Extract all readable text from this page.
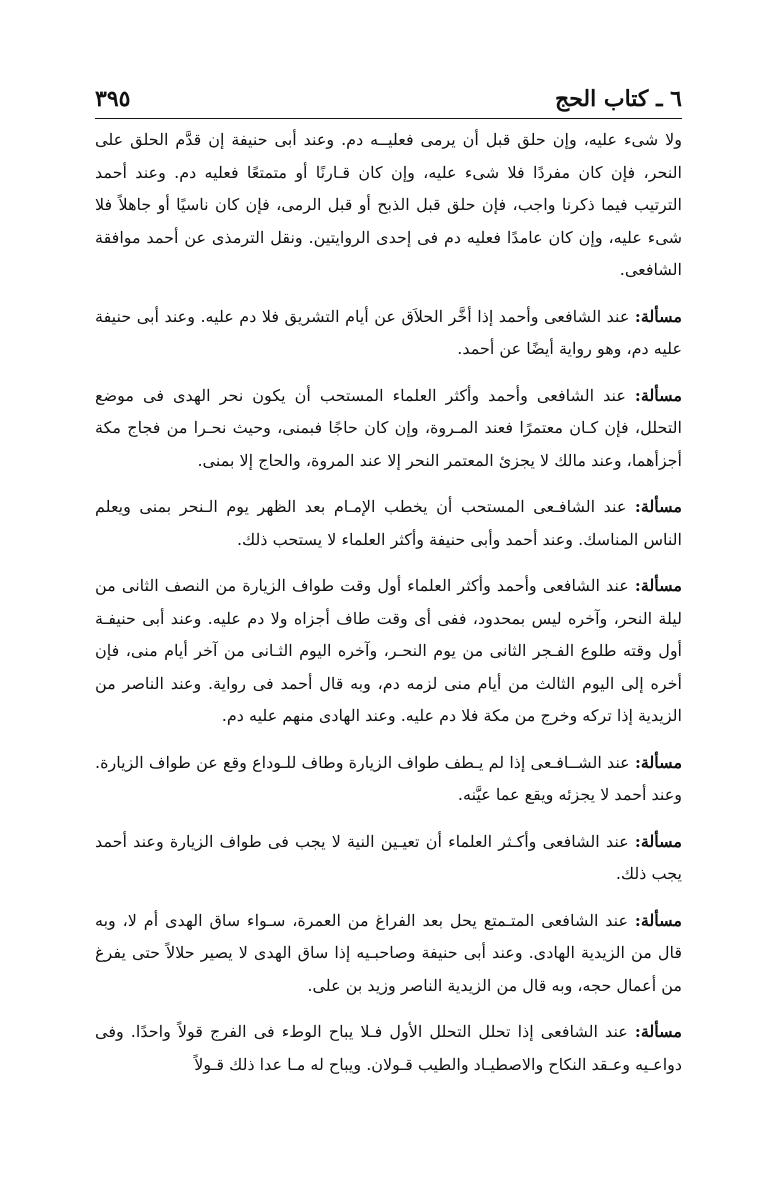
٦ ـ كتاب الحج
٣٩٥

ولا شىء عليه، وإن حلق قبل أن يرمى فعليــه دم. وعند أبى حنيفة إن قدَّم الحلق على النحر، فإن كان مفردًا فلا شىء عليه، وإن كان قـارنًا أو متمتعًا فعليه دم. وعند أحمد الترتيب فيما ذكرنا واجب، فإن حلق قبل الذبح أو قبل الرمى، فإن كان ناسيًا أو جاهلاً فلا شىء عليه، وإن كان عامدًا فعليه دم فى إحدى الروايتين. ونقل الترمذى عن أحمد موافقة الشافعى.

مسألة: عند الشافعى وأحمد إذا أخَّر الحلاَق عن أيام التشريق فلا دم عليه. وعند أبى حنيفة عليه دم، وهو رواية أيضًا عن أحمد.

مسألة: عند الشافعى وأحمد وأكثر العلماء المستحب أن يكون نحر الهدى فى موضع التحلل، فإن كـان معتمرًا فعند المـروة، وإن كان حاجًا فبمنى، وحيث نحـرا من فجاج مكة أجزأهما، وعند مالك لا يجزئ المعتمر النحر إلا عند المروة، والحاج إلا بمنى.

مسألة: عند الشافـعى المستحب أن يخطب الإمـام بعد الظهر يوم الـنحر بمنى ويعلم الناس المناسك. وعند أحمد وأبى حنيفة وأكثر العلماء لا يستحب ذلك.

مسألة: عند الشافعى وأحمد وأكثر العلماء أول وقت طواف الزيارة من النصف الثانى من ليلة النحر، وآخره ليس بمحدود، ففى أى وقت طاف أجزاه ولا دم عليه. وعند أبى حنيفـة أول وقته طلوع الفـجر الثانى من يوم النحـر، وآخره اليوم الثـانى من آخر أيام منى، فإن أخره إلى اليوم الثالث من أيام منى لزمه دم، وبه قال أحمد فى رواية. وعند الناصر من الزيدية إذا تركه وخرج من مكة فلا دم عليه. وعند الهادى منهم عليه دم.

مسألة: عند الشــافـعى إذا لم يـطف طواف الزيارة وطاف للـوداع وقع عن طواف الزيارة. وعند أحمد لا يجزئه ويقع عما عيَّنه.

مسألة: عند الشافعى وأكـثر العلماء أن تعيـين النية لا يجب فى طواف الزيارة وعند أحمد يجب ذلك.

مسألة: عند الشافعى المتـمتع يحل بعد الفراغ من العمرة، سـواء ساق الهدى أم لا، وبه قال من الزيدية الهادى. وعند أبى حنيفة وصاحبـيه إذا ساق الهدى لا يصير حلالاً حتى يفرغ من أعمال حجه، وبه قال من الزيدية الناصر وزيد بن على.

مسألة: عند الشافعى إذا تحلل التحلل الأول فـلا يباح الوطء فى الفرج قولاً واحدًا. وفى دواعـيه وعـقد النكاح والاصطيـاد والطيب قـولان. ويباح له مـا عدا ذلك قـولاً
